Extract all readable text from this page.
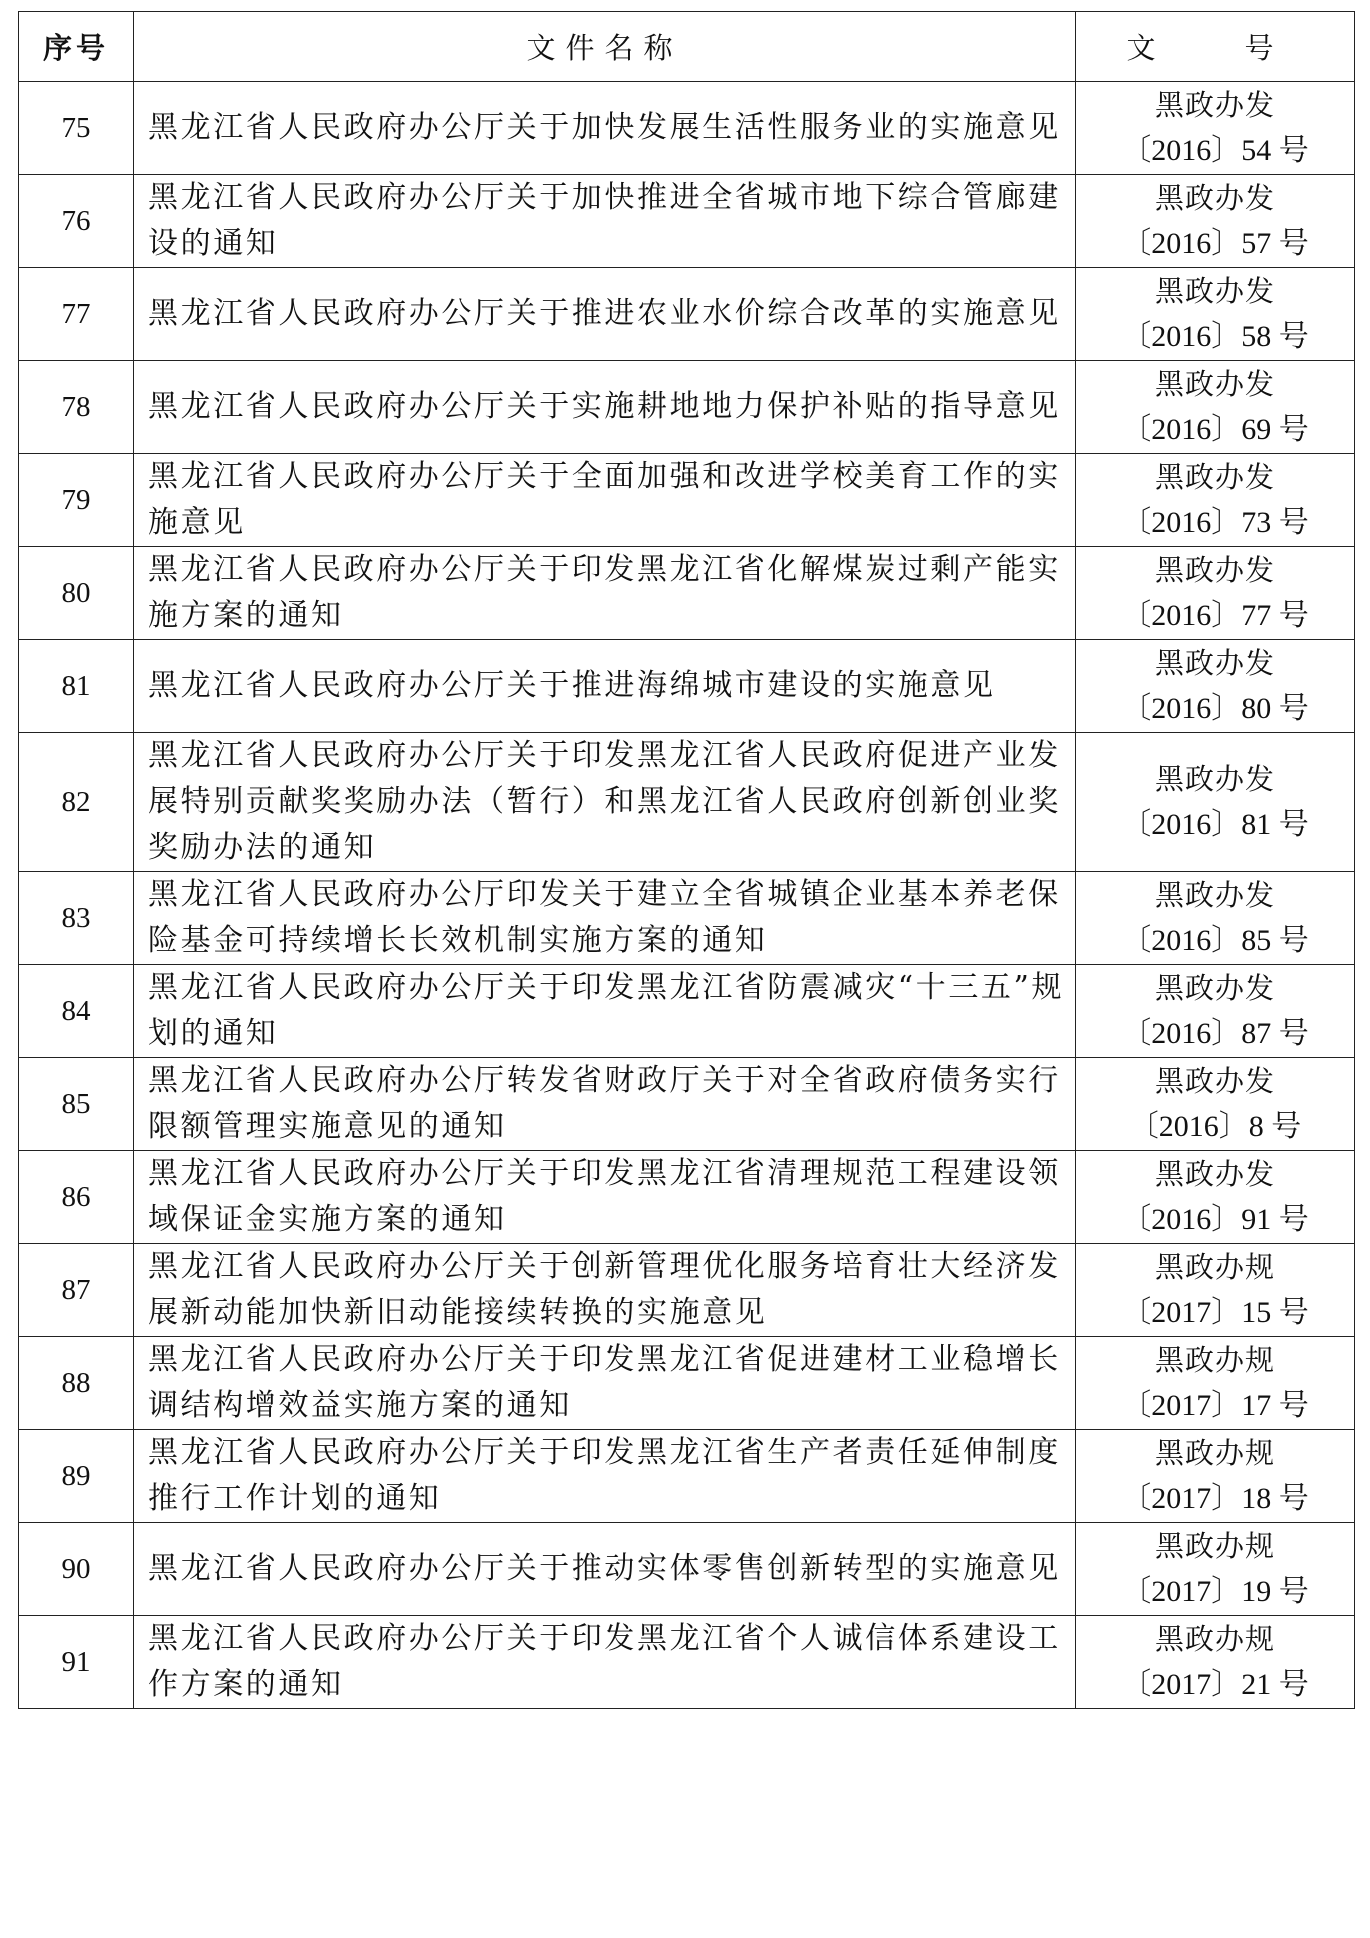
序号	文件名称	文　号
75	黑龙江省人民政府办公厅关于加快发展生活性服务业的实施意见	黑政办发
〔2016〕54 号

76	黑龙江省人民政府办公厅关于加快推进全省城市地下综合管廊建设的通知	黑政办发
〔2016〕57 号

77	黑龙江省人民政府办公厅关于推进农业水价综合改革的实施意见	黑政办发
〔2016〕58 号

78	黑龙江省人民政府办公厅关于实施耕地地力保护补贴的指导意见	黑政办发
〔2016〕69 号

79	黑龙江省人民政府办公厅关于全面加强和改进学校美育工作的实施意见	黑政办发
〔2016〕73 号

80	黑龙江省人民政府办公厅关于印发黑龙江省化解煤炭过剩产能实施方案的通知	黑政办发
〔2016〕77 号

81	黑龙江省人民政府办公厅关于推进海绵城市建设的实施意见	黑政办发
〔2016〕80 号

82	黑龙江省人民政府办公厅关于印发黑龙江省人民政府促进产业发展特别贡献奖奖励办法（暂行）和黑龙江省人民政府创新创业奖奖励办法的通知	黑政办发
〔2016〕81 号

83	黑龙江省人民政府办公厅印发关于建立全省城镇企业基本养老保险基金可持续增长长效机制实施方案的通知	黑政办发
〔2016〕85 号

84	黑龙江省人民政府办公厅关于印发黑龙江省防震减灾“十三五”规划的通知	黑政办发
〔2016〕87 号

85	黑龙江省人民政府办公厅转发省财政厅关于对全省政府债务实行限额管理实施意见的通知	黑政办发
〔2016〕8 号

86	黑龙江省人民政府办公厅关于印发黑龙江省清理规范工程建设领域保证金实施方案的通知	黑政办发
〔2016〕91 号

87	黑龙江省人民政府办公厅关于创新管理优化服务培育壮大经济发展新动能加快新旧动能接续转换的实施意见	黑政办规
〔2017〕15 号

88	黑龙江省人民政府办公厅关于印发黑龙江省促进建材工业稳增长调结构增效益实施方案的通知	黑政办规
〔2017〕17 号

89	黑龙江省人民政府办公厅关于印发黑龙江省生产者责任延伸制度推行工作计划的通知	黑政办规
〔2017〕18 号

90	黑龙江省人民政府办公厅关于推动实体零售创新转型的实施意见	黑政办规
〔2017〕19 号

91	黑龙江省人民政府办公厅关于印发黑龙江省个人诚信体系建设工作方案的通知	黑政办规
〔2017〕21 号
